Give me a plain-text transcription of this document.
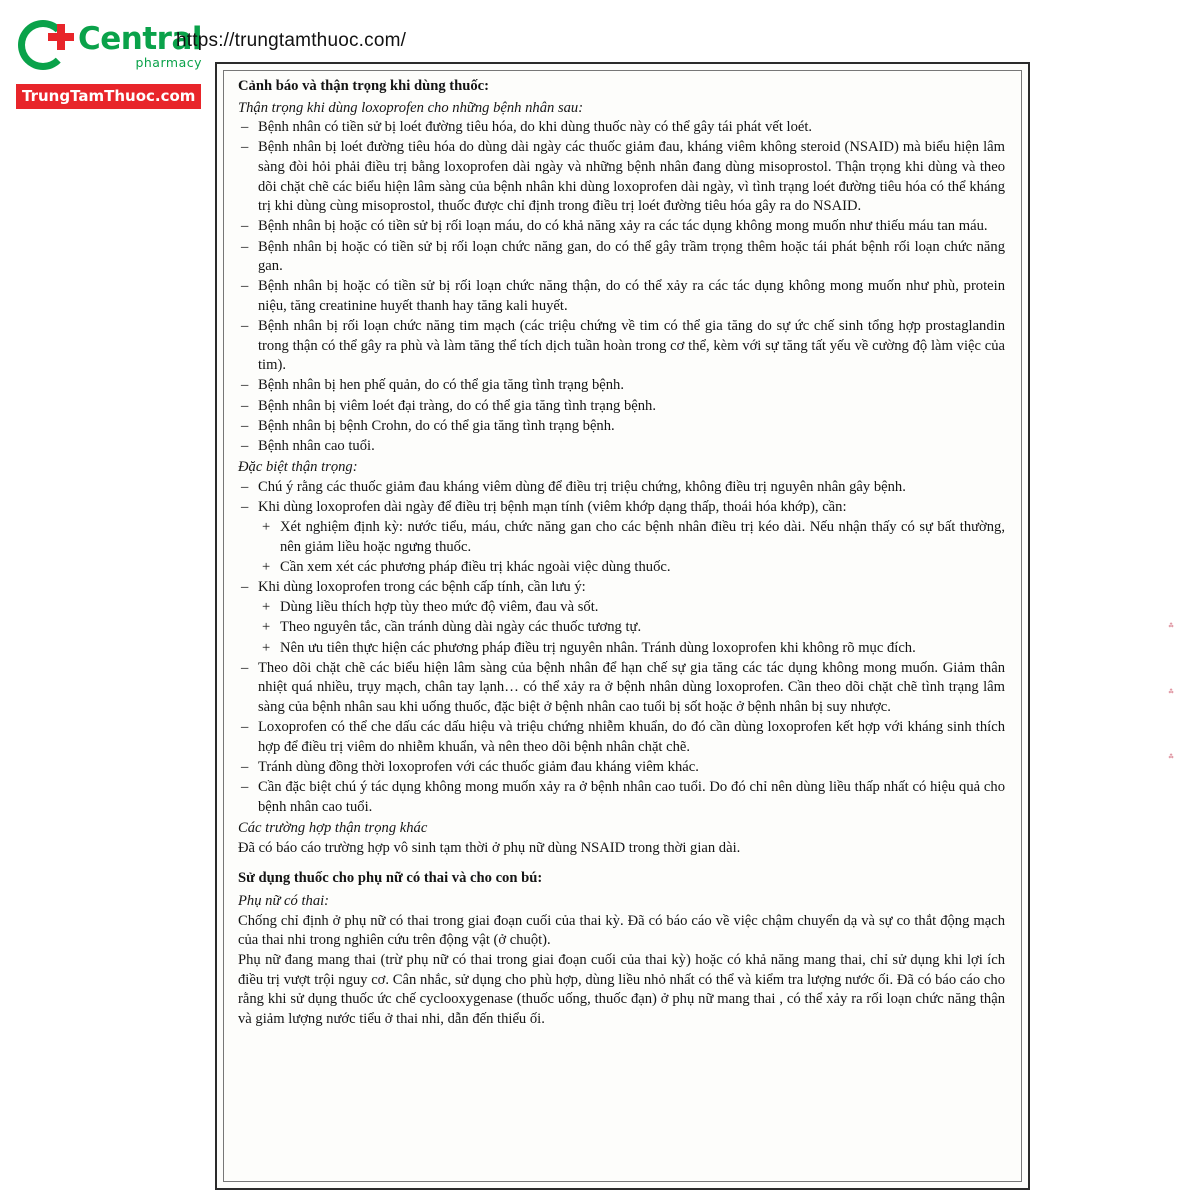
Central
pharmacy
TrungTamThuoc.com
https://trungtamthuoc.com/
Cảnh báo và thận trọng khi dùng thuốc:
Thận trọng khi dùng loxoprofen cho những bệnh nhân sau:
– Bệnh nhân có tiền sử bị loét đường tiêu hóa, do khi dùng thuốc này có thể gây tái phát vết loét.
– Bệnh nhân bị loét đường tiêu hóa do dùng dài ngày các thuốc giảm đau, kháng viêm không steroid (NSAID) mà biểu hiện lâm sàng đòi hỏi phải điều trị bằng loxoprofen dài ngày và những bệnh nhân đang dùng misoprostol. Thận trọng khi dùng và theo dõi chặt chẽ các biểu hiện lâm sàng của bệnh nhân khi dùng loxoprofen dài ngày, vì tình trạng loét đường tiêu hóa có thể kháng trị khi dùng cùng misoprostol, thuốc được chỉ định trong điều trị loét đường tiêu hóa gây ra do NSAID.
– Bệnh nhân bị hoặc có tiền sử bị rối loạn máu, do có khả năng xảy ra các tác dụng không mong muốn như thiếu máu tan máu.
– Bệnh nhân bị hoặc có tiền sử bị rối loạn chức năng gan, do có thể gây trầm trọng thêm hoặc tái phát bệnh rối loạn chức năng gan.
– Bệnh nhân bị hoặc có tiền sử bị rối loạn chức năng thận, do có thể xảy ra các tác dụng không mong muốn như phù, protein niệu, tăng creatinine huyết thanh hay tăng kali huyết.
– Bệnh nhân bị rối loạn chức năng tim mạch (các triệu chứng về tim có thể gia tăng do sự ức chế sinh tổng hợp prostaglandin trong thận có thể gây ra phù và làm tăng thể tích dịch tuần hoàn trong cơ thể, kèm với sự tăng tất yếu về cường độ làm việc của tim).
– Bệnh nhân bị hen phế quản, do có thể gia tăng tình trạng bệnh.
– Bệnh nhân bị viêm loét đại tràng, do có thể gia tăng tình trạng bệnh.
– Bệnh nhân bị bệnh Crohn, do có thể gia tăng tình trạng bệnh.
– Bệnh nhân cao tuổi.
Đặc biệt thận trọng:
– Chú ý rằng các thuốc giảm đau kháng viêm dùng để điều trị triệu chứng, không điều trị nguyên nhân gây bệnh.
– Khi dùng loxoprofen dài ngày để điều trị bệnh mạn tính (viêm khớp dạng thấp, thoái hóa khớp), cần:
+ Xét nghiệm định kỳ: nước tiểu, máu, chức năng gan cho các bệnh nhân điều trị kéo dài. Nếu nhận thấy có sự bất thường, nên giảm liều hoặc ngưng thuốc.
+ Cần xem xét các phương pháp điều trị khác ngoài việc dùng thuốc.
– Khi dùng loxoprofen trong các bệnh cấp tính, cần lưu ý:
+ Dùng liều thích hợp tùy theo mức độ viêm, đau và sốt.
+ Theo nguyên tắc, cần tránh dùng dài ngày các thuốc tương tự.
+ Nên ưu tiên thực hiện các phương pháp điều trị nguyên nhân. Tránh dùng loxoprofen khi không rõ mục đích.
– Theo dõi chặt chẽ các biểu hiện lâm sàng của bệnh nhân để hạn chế sự gia tăng các tác dụng không mong muốn. Giảm thân nhiệt quá nhiều, trụy mạch, chân tay lạnh… có thể xảy ra ở bệnh nhân dùng loxoprofen. Cần theo dõi chặt chẽ tình trạng lâm sàng của bệnh nhân sau khi uống thuốc, đặc biệt ở bệnh nhân cao tuổi bị sốt hoặc ở bệnh nhân bị suy nhược.
– Loxoprofen có thể che dấu các dấu hiệu và triệu chứng nhiễm khuẩn, do đó cần dùng loxoprofen kết hợp với kháng sinh thích hợp để điều trị viêm do nhiễm khuẩn, và nên theo dõi bệnh nhân chặt chẽ.
– Tránh dùng đồng thời loxoprofen với các thuốc giảm đau kháng viêm khác.
– Cần đặc biệt chú ý tác dụng không mong muốn xảy ra ở bệnh nhân cao tuổi. Do đó chỉ nên dùng liều thấp nhất có hiệu quả cho bệnh nhân cao tuổi.
Các trường hợp thận trọng khác
Đã có báo cáo trường hợp vô sinh tạm thời ở phụ nữ dùng NSAID trong thời gian dài.
Sử dụng thuốc cho phụ nữ có thai và cho con bú:
Phụ nữ có thai:
Chống chỉ định ở phụ nữ có thai trong giai đoạn cuối của thai kỳ. Đã có báo cáo về việc chậm chuyển dạ và sự co thắt động mạch của thai nhi trong nghiên cứu trên động vật (ở chuột).
Phụ nữ đang mang thai (trừ phụ nữ có thai trong giai đoạn cuối của thai kỳ) hoặc có khả năng mang thai, chỉ sử dụng khi lợi ích điều trị vượt trội nguy cơ. Cân nhắc, sử dụng cho phù hợp, dùng liều nhỏ nhất có thể và kiểm tra lượng nước ối. Đã có báo cáo cho rằng khi sử dụng thuốc ức chế cyclooxygenase (thuốc uống, thuốc đạn) ở phụ nữ mang thai , có thể xảy ra rối loạn chức năng thận và giảm lượng nước tiểu ở thai nhi, dẫn đến thiểu ối.
؞
؞
؞
